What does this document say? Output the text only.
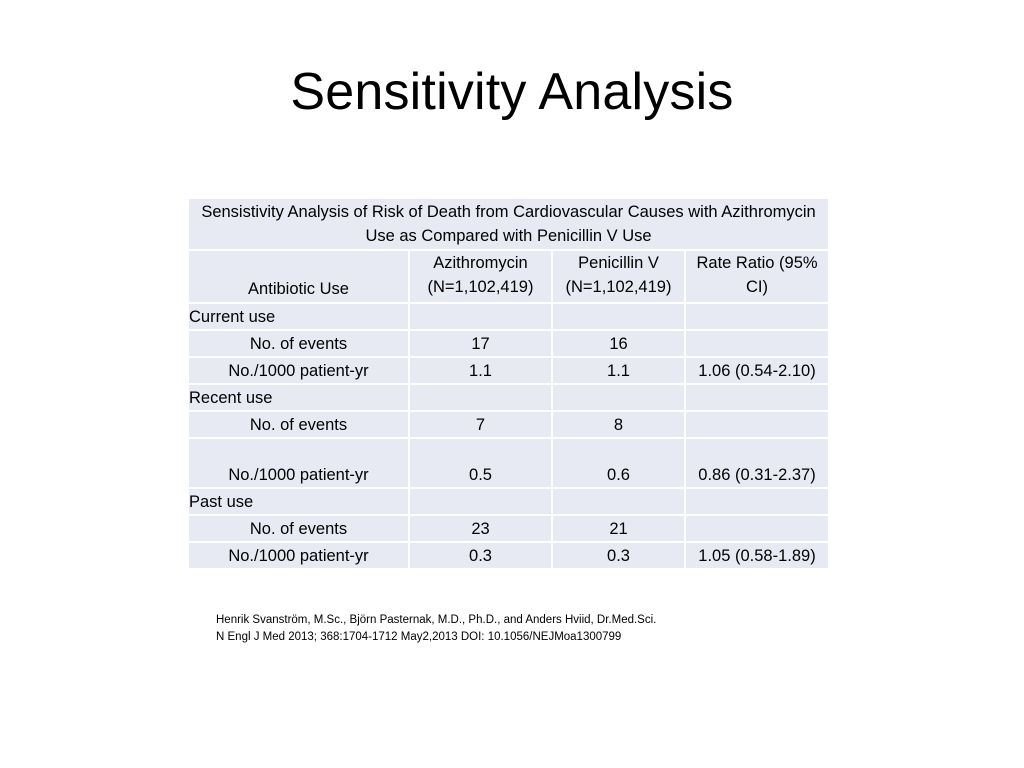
Sensitivity Analysis
Sensistivity Analysis of Risk of Death from Cardiovascular Causes with Azithromycin Use as Compared with Penicillin V Use			
Antibiotic Use	Azithromycin (N=1,102,419)	Penicillin V (N=1,102,419)	Rate Ratio (95% CI)
Current use			
No. of events	17	16	
No./1000 patient-yr	1.1	1.1	1.06 (0.54-2.10)
Recent use			
No. of events	7	8	
No./1000 patient-yr	0.5	0.6	0.86 (0.31-2.37)
Past use			
No. of events	23	21	
No./1000 patient-yr	0.3	0.3	1.05 (0.58-1.89)
Henrik Svanström, M.Sc., Björn Pasternak, M.D., Ph.D., and Anders Hviid, Dr.Med.Sci.
N Engl J Med 2013; 368:1704-1712 May2,2013 DOI: 10.1056/NEJMoa1300799
